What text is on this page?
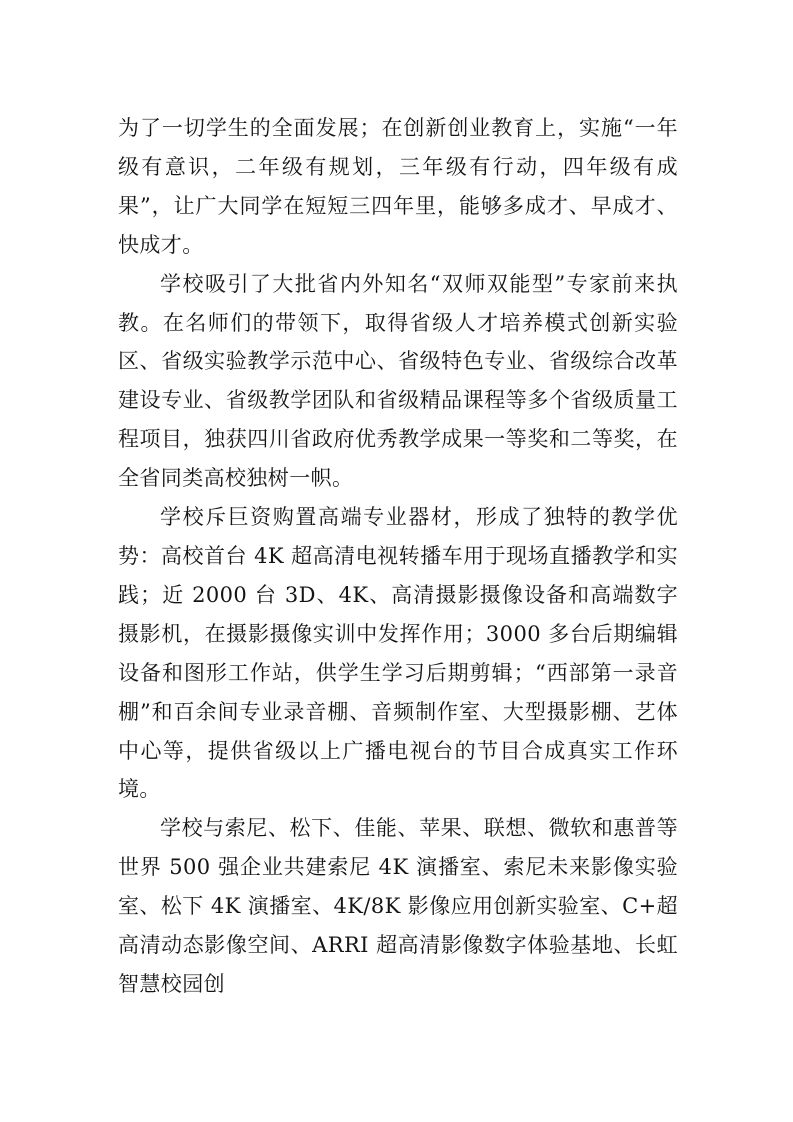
为了一切学生的全面发展；在创新创业教育上，实施“一年级有意识，二年级有规划，三年级有行动，四年级有成果”，让广大同学在短短三四年里，能够多成才、早成才、快成才。

学校吸引了大批省内外知名“双师双能型”专家前来执教。在名师们的带领下，取得省级人才培养模式创新实验区、省级实验教学示范中心、省级特色专业、省级综合改革建设专业、省级教学团队和省级精品课程等多个省级质量工程项目，独获四川省政府优秀教学成果一等奖和二等奖，在全省同类高校独树一帜。

学校斥巨资购置高端专业器材，形成了独特的教学优势：高校首台 4K 超高清电视转播车用于现场直播教学和实践；近 2000 台 3D、4K、高清摄影摄像设备和高端数字摄影机，在摄影摄像实训中发挥作用；3000 多台后期编辑设备和图形工作站，供学生学习后期剪辑；“西部第一录音棚”和百余间专业录音棚、音频制作室、大型摄影棚、艺体中心等，提供省级以上广播电视台的节目合成真实工作环境。

学校与索尼、松下、佳能、苹果、联想、微软和惠普等世界 500 强企业共建索尼 4K 演播室、索尼未来影像实验室、松下 4K 演播室、4K/8K 影像应用创新实验室、C+超高清动态影像空间、ARRI 超高清影像数字体验基地、长虹智慧校园创
